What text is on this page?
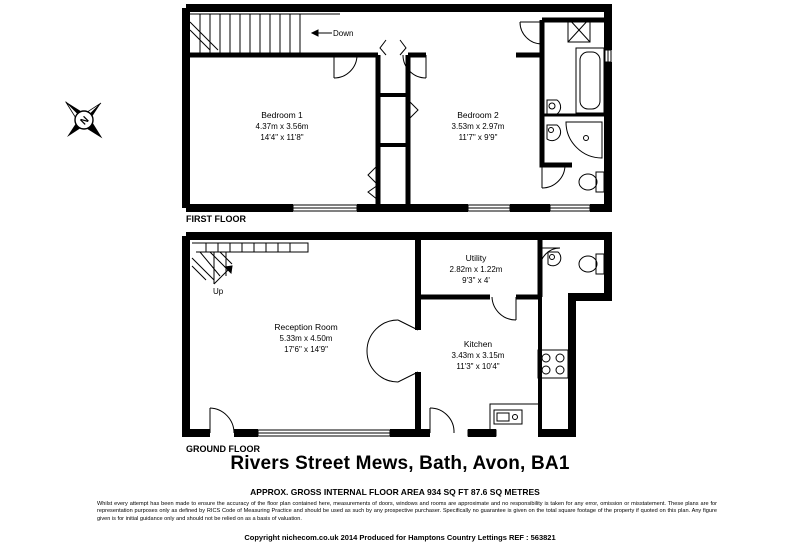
N
Down
Bedroom 1
4.37m x 3.56m
14'4" x 11'8"
Bedroom 2
3.53m x 2.97m
11'7" x 9'9"
FIRST FLOOR
Up
Utility
2.82m x 1.22m
9'3" x 4'
Reception Room
5.33m x 4.50m
17'6" x 14'9"
Kitchen
3.43m x 3.15m
11'3" x 10'4"
GROUND FLOOR
Rivers Street Mews, Bath, Avon, BA1
APPROX. GROSS INTERNAL FLOOR AREA 934 SQ FT 87.6 SQ METRES
Whilst every attempt has been made to ensure the accuracy of the floor plan contained here, measurements of doors, windows and rooms are approximate and no responsibility is taken for any error, omission or misstatement. These plans are for representation purposes only as defined by RICS Code of Measuring Practice and should be used as such by any prospective purchaser. Specifically no guarantee is given on the total square footage of the property if quoted on this plan. Any figure given is for initial guidance only and should not be relied on as a basis of valuation.
Copyright nichecom.co.uk 2014 Produced for Hamptons Country Lettings REF : 563821
